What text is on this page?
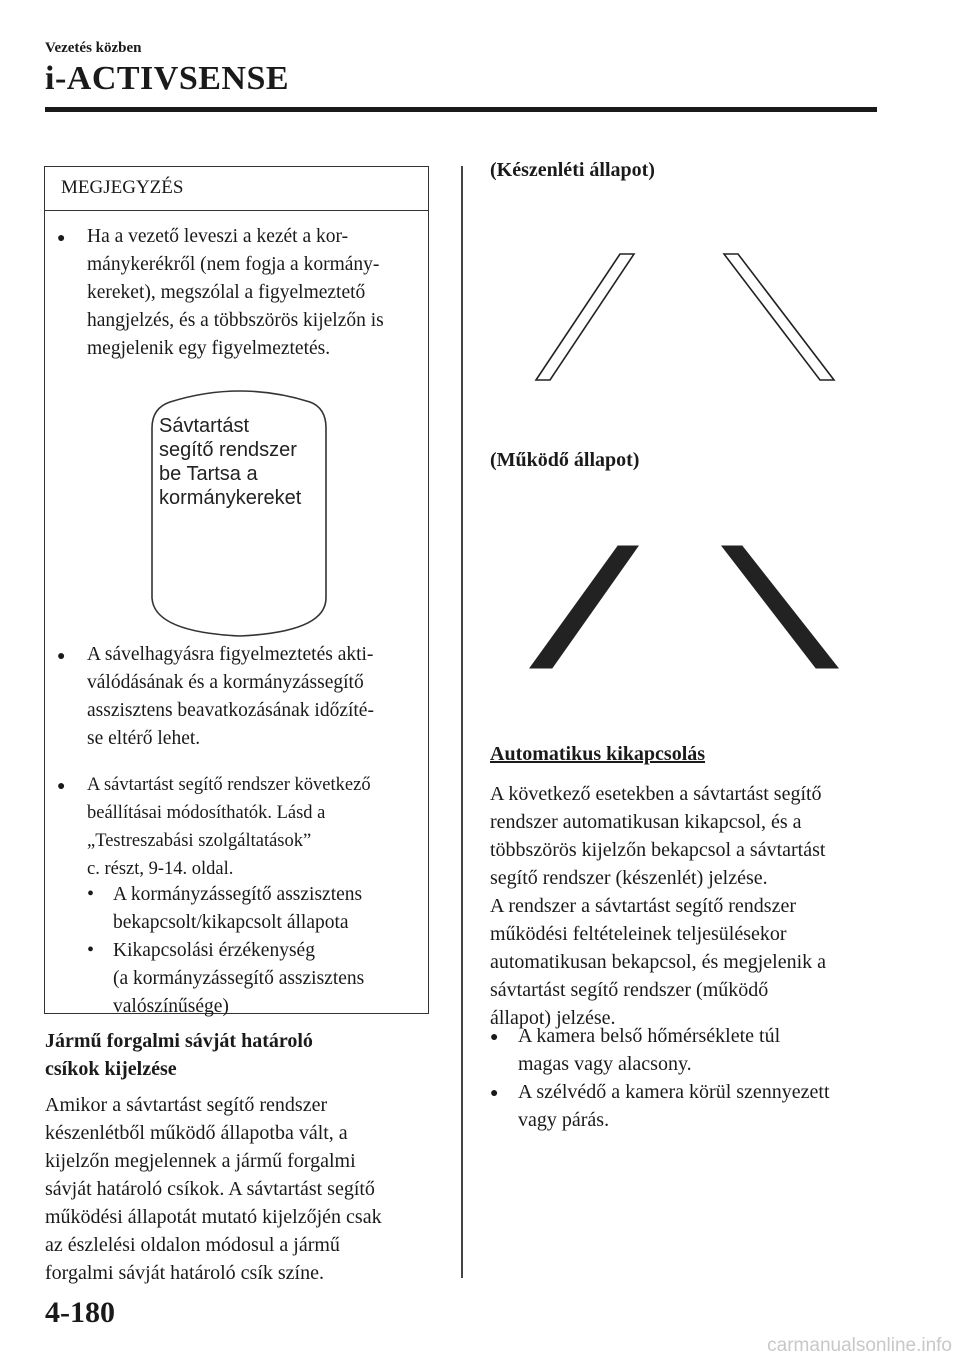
Vezetés közben
i-ACTIVSENSE
MEGJEGYZÉS
● Ha a vezető leveszi a kezét a kor-
mánykerékről (nem fogja a kormány-
kereket), megszólal a figyelmeztető
hangjelzés, és a többszörös kijelzőn is
megjelenik egy figyelmeztetés.
● A sávelhagyásra figyelmeztetés akti-
válódásának és a kormányzássegítő
asszisztens beavatkozásának időzíté-
se eltérő lehet.
● A sávtartást segítő rendszer következő
beállításai módosíthatók. Lásd a
„Testreszabási szolgáltatások”
c. részt, 9-14. oldal.
• A kormányzássegítő asszisztens
bekapcsolt/kikapcsolt állapota
• Kikapcsolási érzékenység
(a kormányzássegítő asszisztens
valószínűsége)
Sávtartást
segítő rendszer
be Tartsa a
kormánykereket
Jármű forgalmi sávját határoló
csíkok kijelzése
Amikor a sávtartást segítő rendszer
készenlétből működő állapotba vált, a
kijelzőn megjelennek a jármű forgalmi
sávját határoló csíkok. A sávtartást segítő
működési állapotát mutató kijelzőjén csak
az észlelési oldalon módosul a jármű
forgalmi sávját határoló csík színe.
(Készenléti állapot)
(Működő állapot)
Automatikus kikapcsolás
A következő esetekben a sávtartást segítő
rendszer automatikusan kikapcsol, és a
többszörös kijelzőn bekapcsol a sávtartást
segítő rendszer (készenlét) jelzése.
A rendszer a sávtartást segítő rendszer
működési feltételeinek teljesülésekor
automatikusan bekapcsol, és megjelenik a
sávtartást segítő rendszer (működő
állapot) jelzése.
● A kamera belső hőmérséklete túl
magas vagy alacsony.
● A szélvédő a kamera körül szennyezett
vagy párás.
4-180
carmanualsonline.info
